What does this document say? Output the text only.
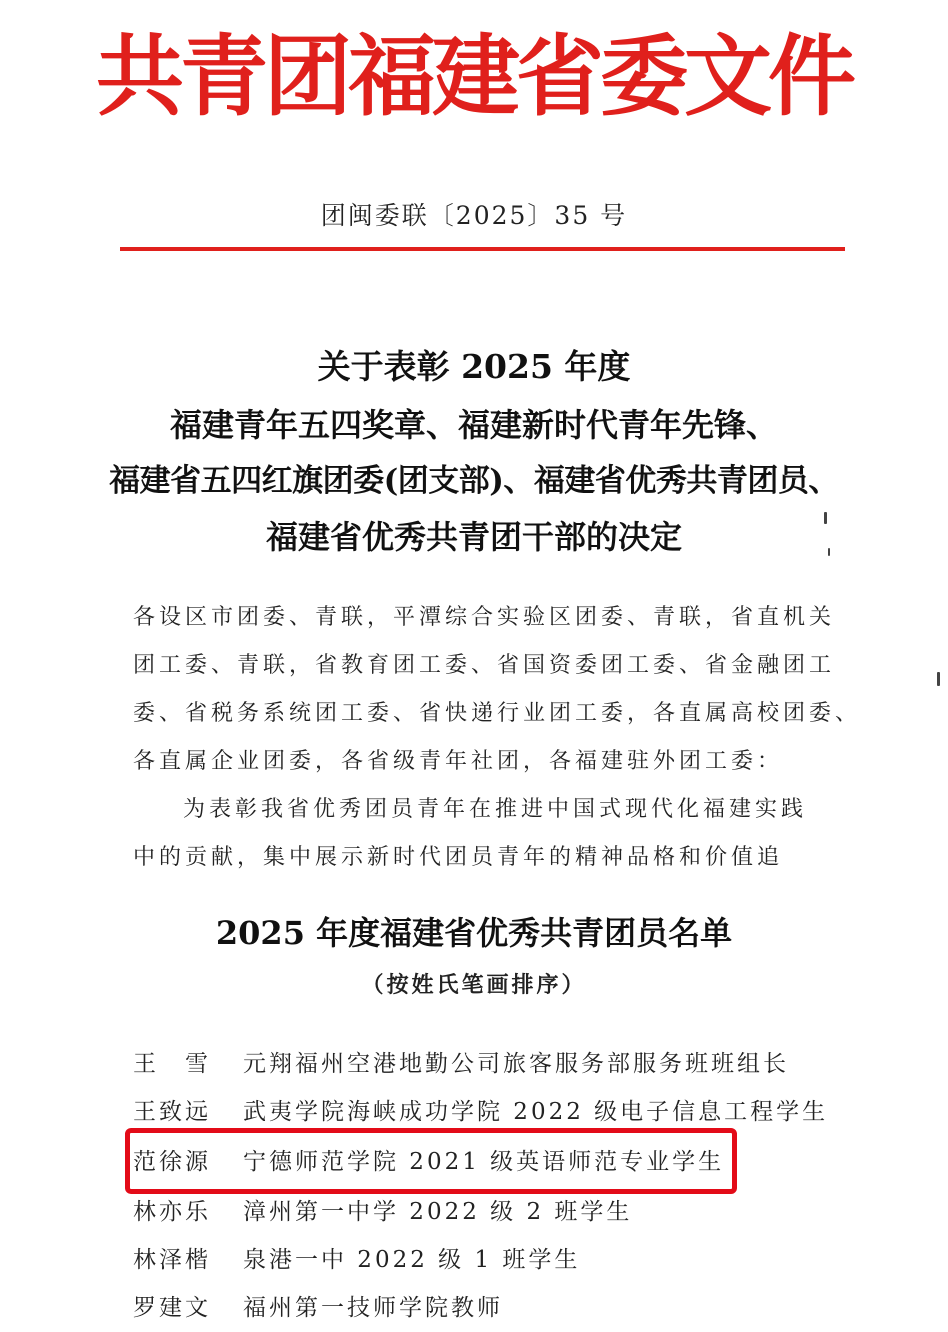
共青团福建省委文件
团闽委联〔2025〕35 号
关于表彰 2025 年度
福建青年五四奖章、福建新时代青年先锋、
福建省五四红旗团委(团支部)、福建省优秀共青团员、
福建省优秀共青团干部的决定
各设区市团委、青联，平潭综合实验区团委、青联，省直机关
团工委、青联，省教育团工委、省国资委团工委、省金融团工
委、省税务系统团工委、省快递行业团工委，各直属高校团委、
各直属企业团委，各省级青年社团，各福建驻外团工委：
为表彰我省优秀团员青年在推进中国式现代化福建实践
中的贡献，集中展示新时代团员青年的精神品格和价值追
2025 年度福建省优秀共青团员名单
（按姓氏笔画排序）
王　雪 元翔福州空港地勤公司旅客服务部服务班班组长
王致远 武夷学院海峡成功学院 2022 级电子信息工程学生
范徐源 宁德师范学院 2021 级英语师范专业学生
林亦乐 漳州第一中学 2022 级 2 班学生
林泽楷 泉港一中 2022 级 1 班学生
罗建文 福州第一技师学院教师
